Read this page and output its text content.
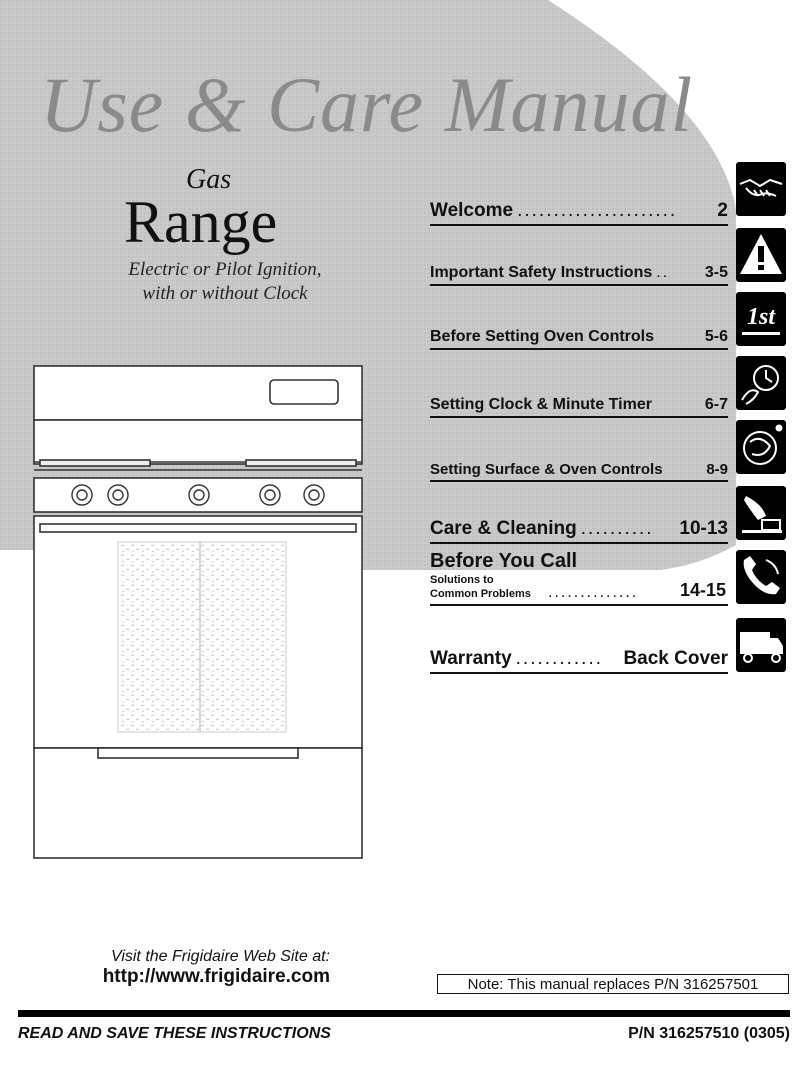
Use & Care Manual
Gas
Range
Electric or Pilot Ignition,
with or without Clock
Welcome ......................	2
Important Safety Instructions ..	3-5
Before Setting Oven Controls	5-6
Setting Clock & Minute Timer	6-7
Setting Surface & Oven Controls	8-9
Care & Cleaning ..........	10-13
Before You Call
Solutions to
Common Problems .............. 14-15
Warranty ............	Back Cover
1st
Visit the Frigidaire Web Site at:
http://www.frigidaire.com	Note: This manual replaces P/N 316257501
READ AND SAVE THESE INSTRUCTIONS	P/N 316257510 (0305)
